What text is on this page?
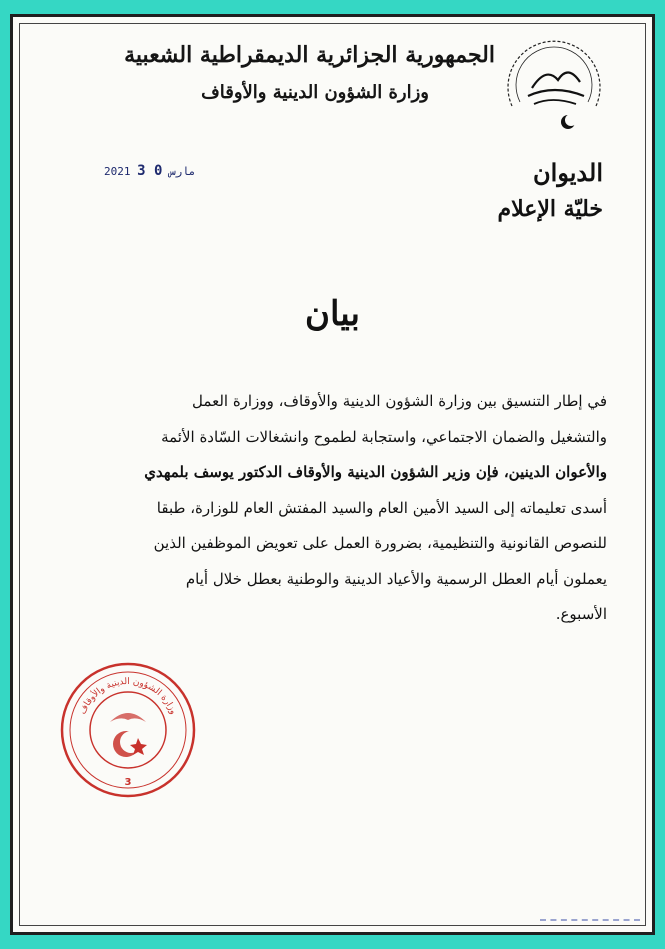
الجمهورية الجزائرية الديمقراطية الشعبية
وزارة الشؤون الدينية والأوقاف
الديوان
خليّة الإعلام
2021	مارس 0 3
بيان
في إطار التنسيق بين وزارة الشؤون الدينية والأوقاف، ووزارة العمل
والتشغيل والضمان الاجتماعي، واستجابة لطموح وانشغالات السّادة الأئمة
والأعوان الدينين، فإن وزير الشؤون الدينية والأوقاف الدكتور يوسف بلمهدي
أسدى تعليماته إلى السيد الأمين العام والسيد المفتش العام للوزارة، طبقا
للنصوص القانونية والتنظيمية، بضرورة العمل على تعويض الموظفين الذين
يعملون أيام العطل الرسمية والأعياد الدينية والوطنية بعطل خلال أيام
الأسبوع.
وزارة الشؤون الدينية والأوقاف
3
